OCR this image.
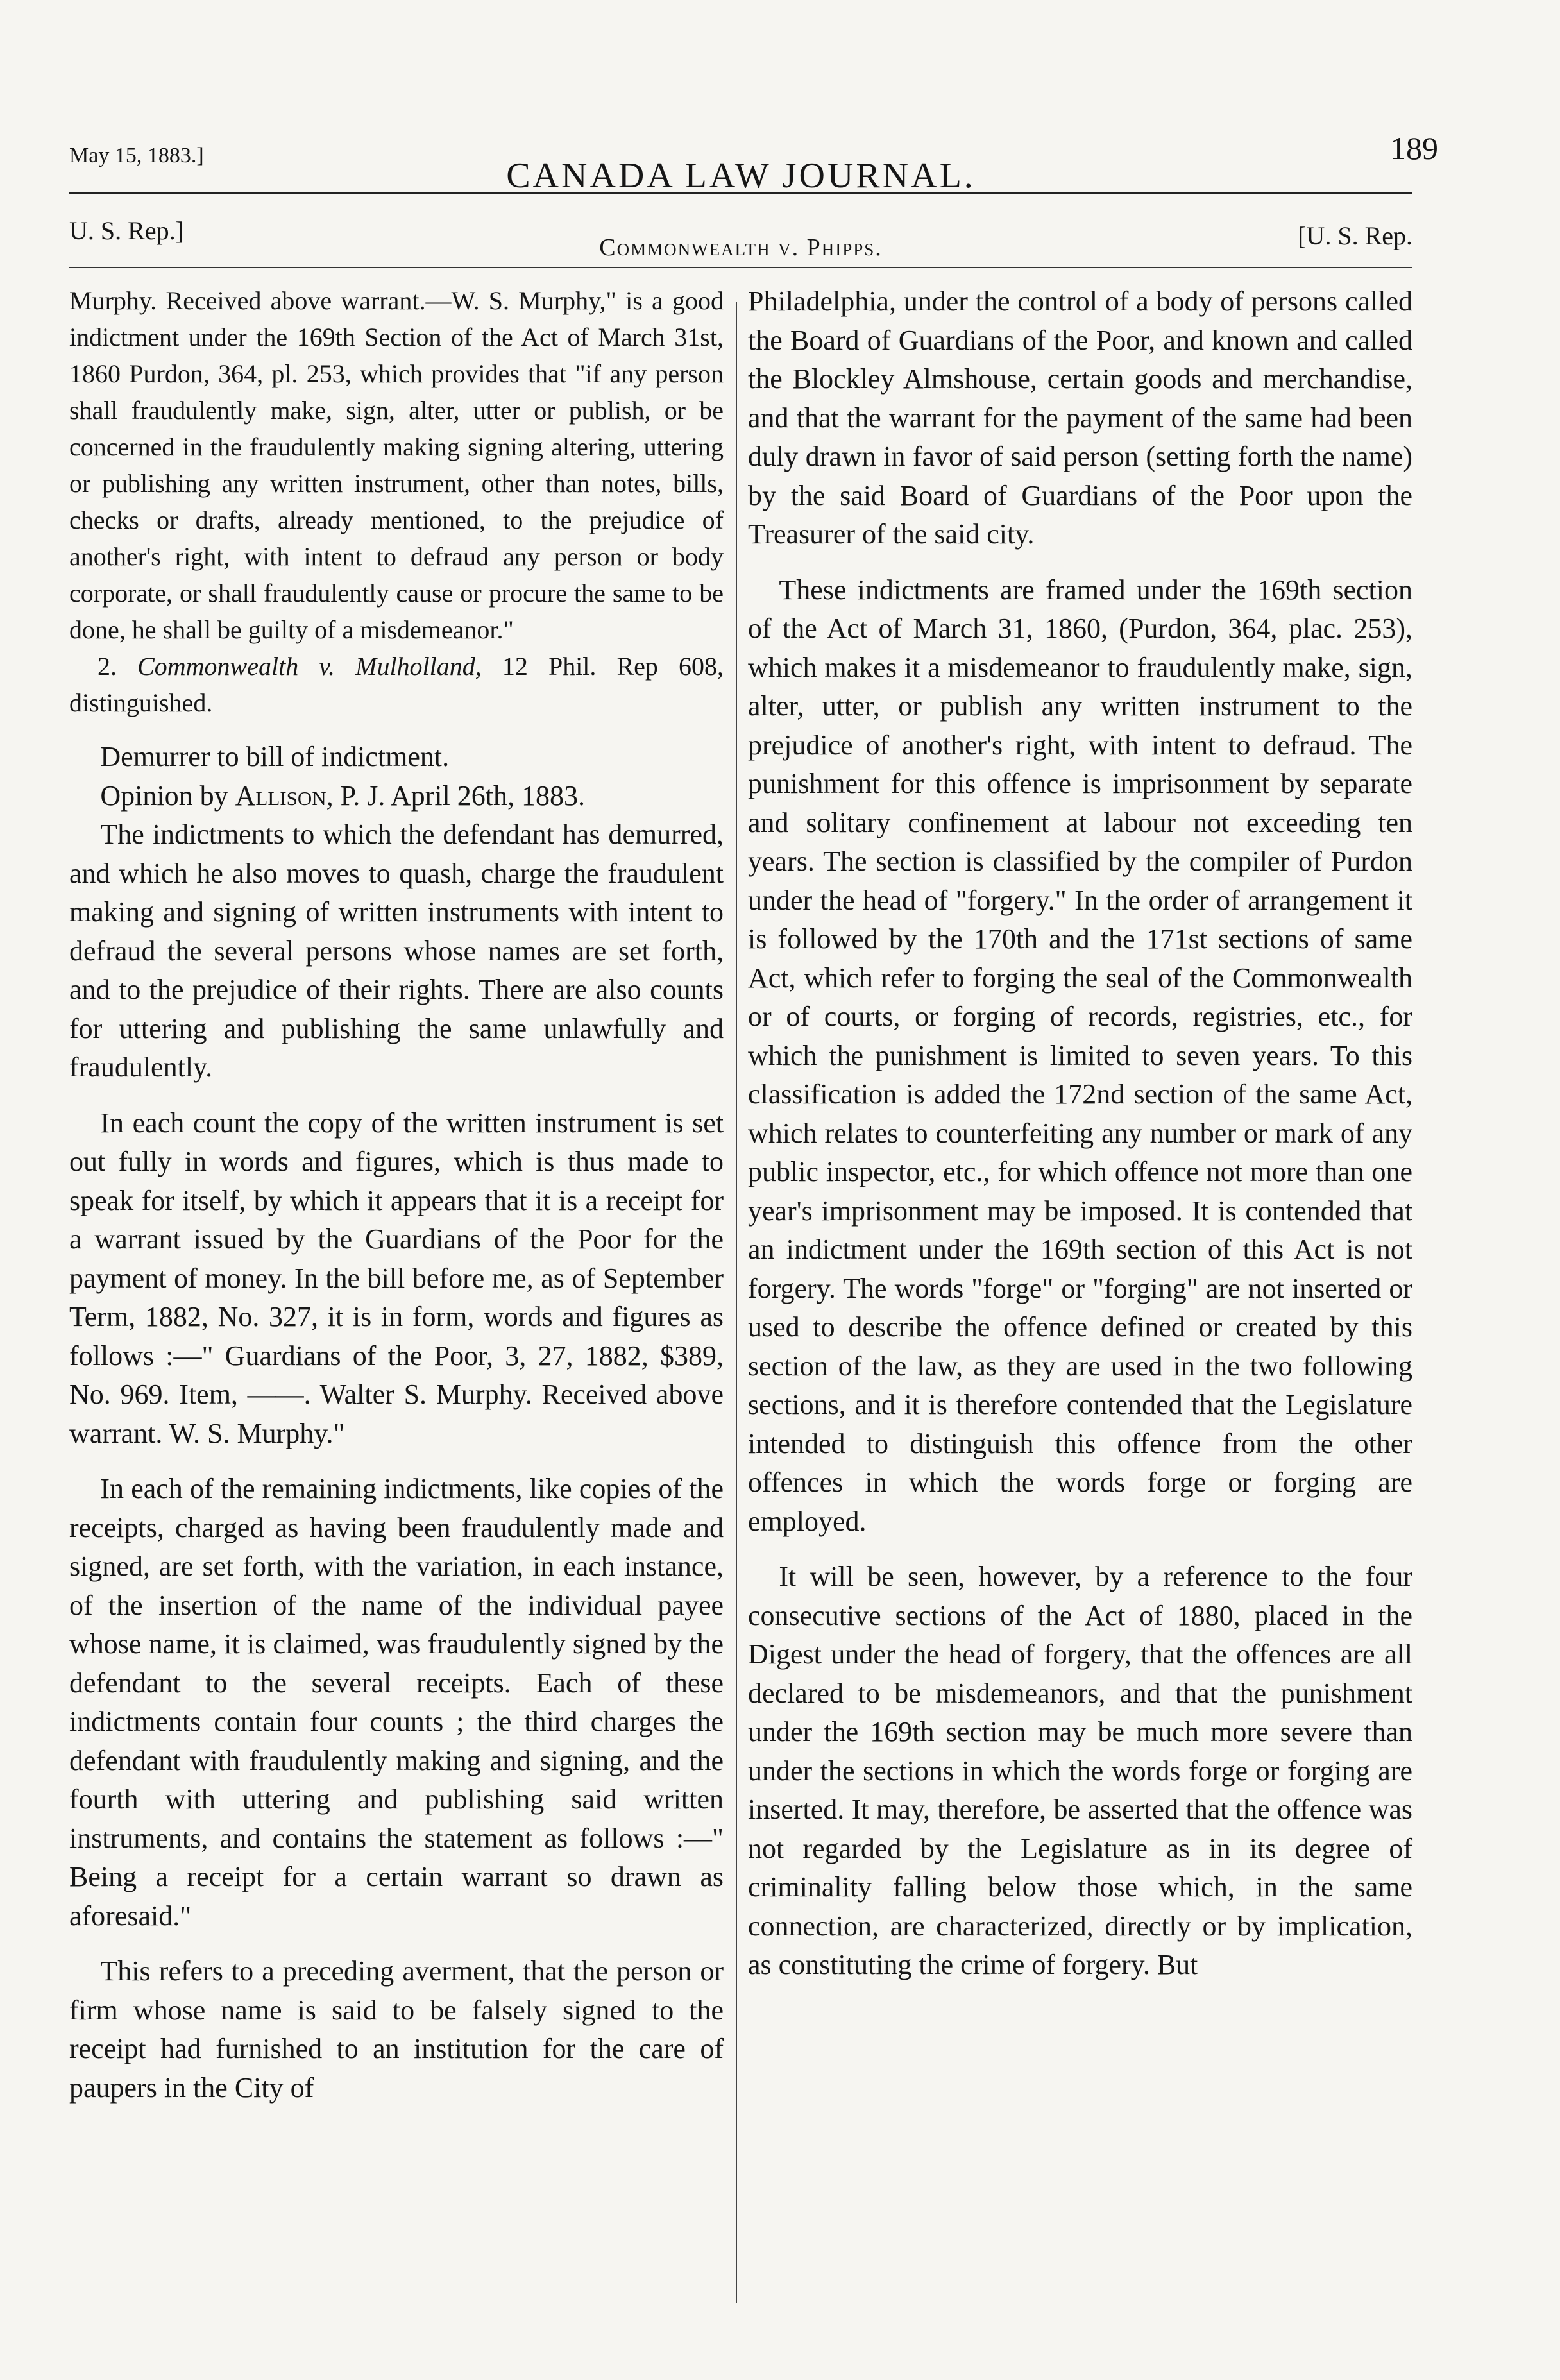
May 15, 1883.]
CANADA LAW JOURNAL.
189
U. S. Rep.]
Commonwealth v. Phipps.	[U. S. Rep.

Murphy. Received above warrant.—W. S. Murphy," is a good indictment under the 169th Section of the Act of March 31st, 1860 Purdon, 364, pl. 253, which provides that "if any person shall fraudulently make, sign, alter, utter or publish, or be concerned in the fraudulently making signing altering, uttering or publishing any written instrument, other than notes, bills, checks or drafts, already mentioned, to the prejudice of another's right, with intent to defraud any person or body corporate, or shall fraudulently cause or procure the same to be done, he shall be guilty of a misdemeanor."

2. Commonwealth v. Mulholland, 12 Phil. Rep 608, distinguished.

Demurrer to bill of indictment.

Opinion by Allison, P. J. April 26th, 1883.

The indictments to which the defendant has demurred, and which he also moves to quash, charge the fraudulent making and signing of written instruments with intent to defraud the several persons whose names are set forth, and to the prejudice of their rights. There are also counts for uttering and publishing the same unlawfully and fraudulently.

In each count the copy of the written instrument is set out fully in words and figures, which is thus made to speak for itself, by which it appears that it is a receipt for a warrant issued by the Guardians of the Poor for the payment of money. In the bill before me, as of September Term, 1882, No. 327, it is in form, words and figures as follows :—" Guardians of the Poor, 3, 27, 1882, $389, No. 969. Item, ——. Walter S. Murphy. Received above warrant. W. S. Murphy."

In each of the remaining indictments, like copies of the receipts, charged as having been fraudulently made and signed, are set forth, with the variation, in each instance, of the insertion of the name of the individual payee whose name, it is claimed, was fraudulently signed by the defendant to the several receipts. Each of these indictments contain four counts ; the third charges the defendant with fraudulently making and signing, and the fourth with uttering and publishing said written instruments, and contains the statement as follows :—" Being a receipt for a certain warrant so drawn as aforesaid."

This refers to a preceding averment, that the person or firm whose name is said to be falsely signed to the receipt had furnished to an institution for the care of paupers in the City of

Philadelphia, under the control of a body of persons called the Board of Guardians of the Poor, and known and called the Blockley Almshouse, certain goods and merchandise, and that the warrant for the payment of the same had been duly drawn in favor of said person (setting forth the name) by the said Board of Guardians of the Poor upon the Treasurer of the said city.

These indictments are framed under the 169th section of the Act of March 31, 1860, (Purdon, 364, plac. 253), which makes it a misdemeanor to fraudulently make, sign, alter, utter, or publish any written instrument to the prejudice of another's right, with intent to defraud. The punishment for this offence is imprisonment by separate and solitary confinement at labour not exceeding ten years. The section is classified by the compiler of Purdon under the head of "forgery." In the order of arrangement it is followed by the 170th and the 171st sections of same Act, which refer to forging the seal of the Commonwealth or of courts, or forging of records, registries, etc., for which the punishment is limited to seven years. To this classification is added the 172nd section of the same Act, which relates to counterfeiting any number or mark of any public inspector, etc., for which offence not more than one year's imprisonment may be imposed. It is contended that an indictment under the 169th section of this Act is not forgery. The words "forge" or "forging" are not inserted or used to describe the offence defined or created by this section of the law, as they are used in the two following sections, and it is therefore contended that the Legislature intended to distinguish this offence from the other offences in which the words forge or forging are employed.

It will be seen, however, by a reference to the four consecutive sections of the Act of 1880, placed in the Digest under the head of forgery, that the offences are all declared to be misdemeanors, and that the punishment under the 169th section may be much more severe than under the sections in which the words forge or forging are inserted. It may, therefore, be asserted that the offence was not regarded by the Legislature as in its degree of criminality falling below those which, in the same connection, are characterized, directly or by implication, as constituting the crime of forgery. But
